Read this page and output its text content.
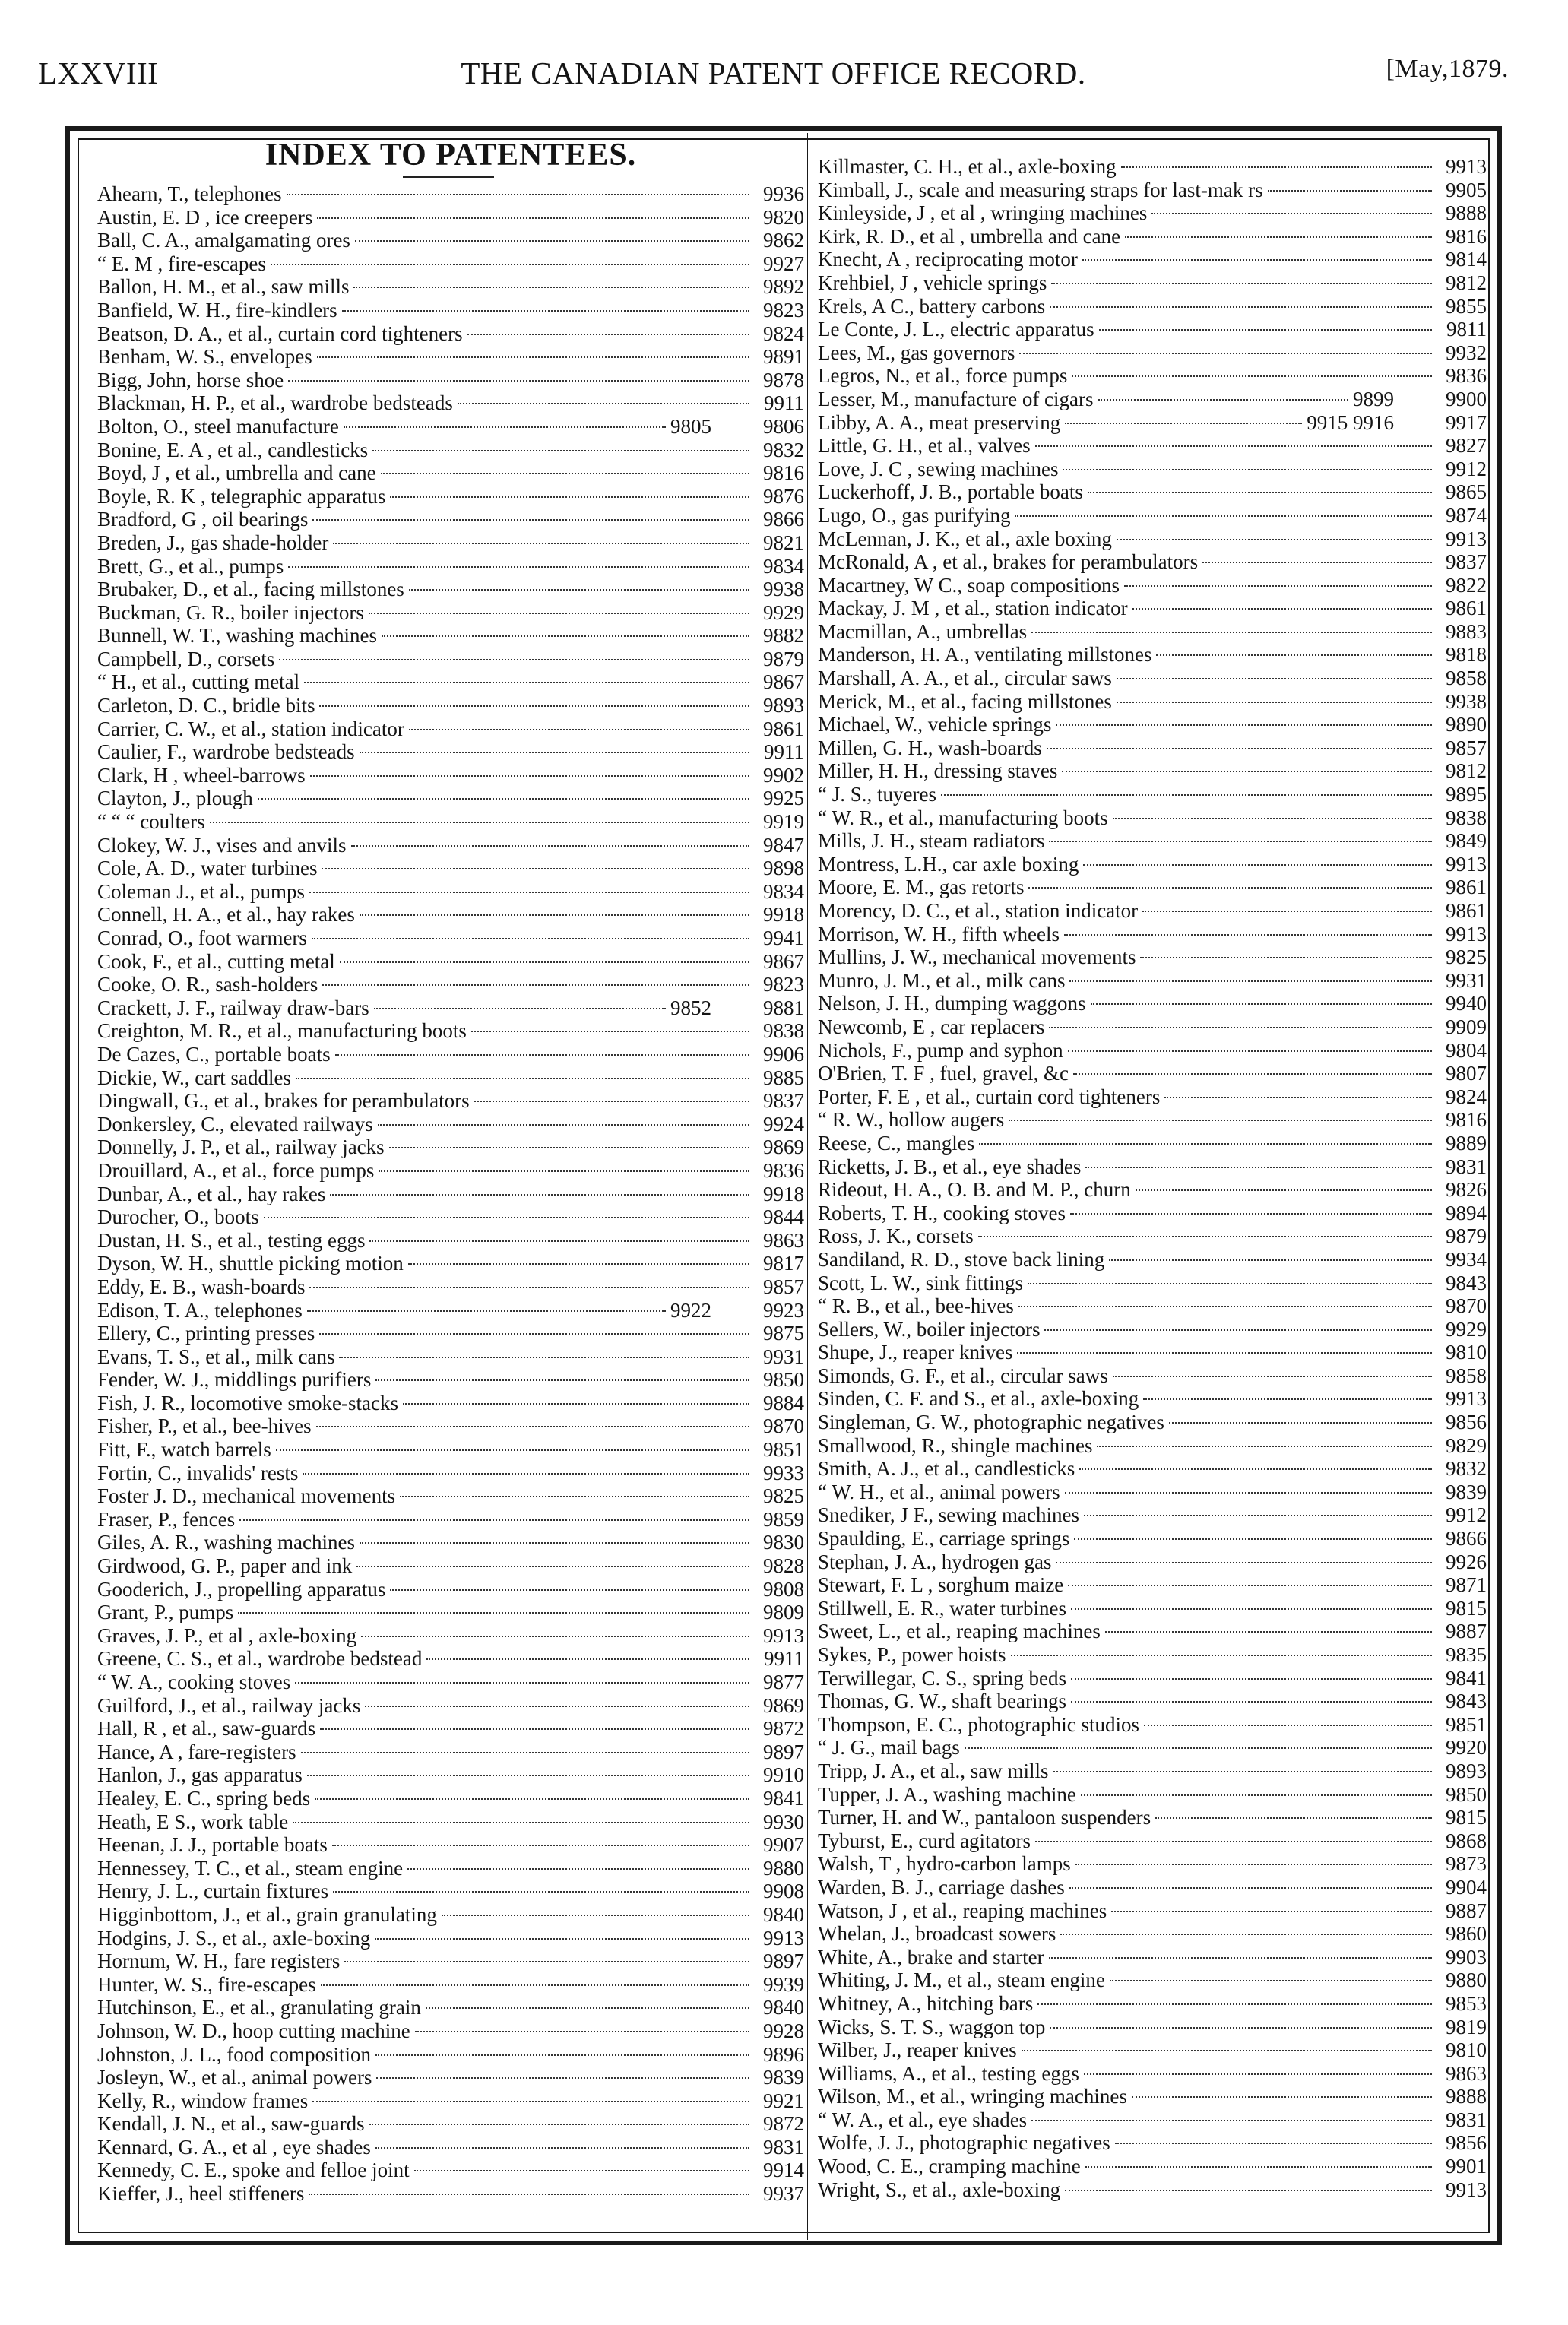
LXXVIII	THE CANADIAN PATENT OFFICE RECORD.	[May,1879.
INDEX TO PATENTEES.
Ahearn, T., telephones	9936
Austin, E. D , ice creepers	9820
Ball, C. A., amalgamating ores	9862
“ E. M , fire-escapes	9927
Ballon, H. M., et al., saw mills	9892
Banfield, W. H., fire-kindlers	9823
Beatson, D. A., et al., curtain cord tighteners	9824
Benham, W. S., envelopes	9891
Bigg, John, horse shoe	9878
Blackman, H. P., et al., wardrobe bedsteads	9911
Bolton, O., steel manufacture	9805	9806
Bonine, E. A , et al., candlesticks	9832
Boyd, J , et al., umbrella and cane	9816
Boyle, R. K , telegraphic apparatus	9876
Bradford, G , oil bearings	9866
Breden, J., gas shade-holder	9821
Brett, G., et al., pumps	9834
Brubaker, D., et al., facing millstones	9938
Buckman, G. R., boiler injectors	9929
Bunnell, W. T., washing machines	9882
Campbell, D., corsets	9879
“ H., et al., cutting metal	9867
Carleton, D. C., bridle bits	9893
Carrier, C. W., et al., station indicator	9861
Caulier, F., wardrobe bedsteads	9911
Clark, H , wheel-barrows	9902
Clayton, J., plough	9925
“ “ “ coulters	9919
Clokey, W. J., vises and anvils	9847
Cole, A. D., water turbines	9898
Coleman J., et al., pumps	9834
Connell, H. A., et al., hay rakes	9918
Conrad, O., foot warmers	9941
Cook, F., et al., cutting metal	9867
Cooke, O. R., sash-holders	9823
Crackett, J. F., railway draw-bars	9852	9881
Creighton, M. R., et al., manufacturing boots	9838
De Cazes, C., portable boats	9906
Dickie, W., cart saddles	9885
Dingwall, G., et al., brakes for perambulators	9837
Donkersley, C., elevated railways	9924
Donnelly, J. P., et al., railway jacks	9869
Drouillard, A., et al., force pumps	9836
Dunbar, A., et al., hay rakes	9918
Durocher, O., boots	9844
Dustan, H. S., et al., testing eggs	9863
Dyson, W. H., shuttle picking motion	9817
Eddy, E. B., wash-boards	9857
Edison, T. A., telephones	9922	9923
Ellery, C., printing presses	9875
Evans, T. S., et al., milk cans	9931
Fender, W. J., middlings purifiers	9850
Fish, J. R., locomotive smoke-stacks	9884
Fisher, P., et al., bee-hives	9870
Fitt, F., watch barrels	9851
Fortin, C., invalids' rests	9933
Foster J. D., mechanical movements	9825
Fraser, P., fences	9859
Giles, A. R., washing machines	9830
Girdwood, G. P., paper and ink	9828
Gooderich, J., propelling apparatus	9808
Grant, P., pumps	9809
Graves, J. P., et al , axle-boxing	9913
Greene, C. S., et al., wardrobe bedstead	9911
“ W. A., cooking stoves	9877
Guilford, J., et al., railway jacks	9869
Hall, R , et al., saw-guards	9872
Hance, A , fare-registers	9897
Hanlon, J., gas apparatus	9910
Healey, E. C., spring beds	9841
Heath, E S., work table	9930
Heenan, J. J., portable boats	9907
Hennessey, T. C., et al., steam engine	9880
Henry, J. L., curtain fixtures	9908
Higginbottom, J., et al., grain granulating	9840
Hodgins, J. S., et al., axle-boxing	9913
Hornum, W. H., fare registers	9897
Hunter, W. S., fire-escapes	9939
Hutchinson, E., et al., granulating grain	9840
Johnson, W. D., hoop cutting machine	9928
Johnston, J. L., food composition	9896
Josleyn, W., et al., animal powers	9839
Kelly, R., window frames	9921
Kendall, J. N., et al., saw-guards	9872
Kennard, G. A., et al , eye shades	9831
Kennedy, C. E., spoke and felloe joint	9914
Kieffer, J., heel stiffeners	9937
Killmaster, C. H., et al., axle-boxing	9913
Kimball, J., scale and measuring straps for last-mak rs	9905
Kinleyside, J , et al , wringing machines	9888
Kirk, R. D., et al , umbrella and cane	9816
Knecht, A , reciprocating motor	9814
Krehbiel, J , vehicle springs	9812
Krels, A C., battery carbons	9855
Le Conte, J. L., electric apparatus	9811
Lees, M., gas governors	9932
Legros, N., et al., force pumps	9836
Lesser, M., manufacture of cigars	9899	9900
Libby, A. A., meat preserving	9915 9916	9917
Little, G. H., et al., valves	9827
Love, J. C , sewing machines	9912
Luckerhoff, J. B., portable boats	9865
Lugo, O., gas purifying	9874
McLennan, J. K., et al., axle boxing	9913
McRonald, A , et al., brakes for perambulators	9837
Macartney, W C., soap compositions	9822
Mackay, J. M , et al., station indicator	9861
Macmillan, A., umbrellas	9883
Manderson, H. A., ventilating millstones	9818
Marshall, A. A., et al., circular saws	9858
Merick, M., et al., facing millstones	9938
Michael, W., vehicle springs	9890
Millen, G. H., wash-boards	9857
Miller, H. H., dressing staves	9812
“ J. S., tuyeres	9895
“ W. R., et al., manufacturing boots	9838
Mills, J. H., steam radiators	9849
Montress, L.H., car axle boxing	9913
Moore, E. M., gas retorts	9861
Morency, D. C., et al., station indicator	9861
Morrison, W. H., fifth wheels	9913
Mullins, J. W., mechanical movements	9825
Munro, J. M., et al., milk cans	9931
Nelson, J. H., dumping waggons	9940
Newcomb, E , car replacers	9909
Nichols, F., pump and syphon	9804
O'Brien, T. F , fuel, gravel, &c	9807
Porter, F. E , et al., curtain cord tighteners	9824
“ R. W., hollow augers	9816
Reese, C., mangles	9889
Ricketts, J. B., et al., eye shades	9831
Rideout, H. A., O. B. and M. P., churn	9826
Roberts, T. H., cooking stoves	9894
Ross, J. K., corsets	9879
Sandiland, R. D., stove back lining	9934
Scott, L. W., sink fittings	9843
“ R. B., et al., bee-hives	9870
Sellers, W., boiler injectors	9929
Shupe, J., reaper knives	9810
Simonds, G. F., et al., circular saws	9858
Sinden, C. F. and S., et al., axle-boxing	9913
Singleman, G. W., photographic negatives	9856
Smallwood, R., shingle machines	9829
Smith, A. J., et al., candlesticks	9832
“ W. H., et al., animal powers	9839
Snediker, J F., sewing machines	9912
Spaulding, E., carriage springs	9866
Stephan, J. A., hydrogen gas	9926
Stewart, F. L , sorghum maize	9871
Stillwell, E. R., water turbines	9815
Sweet, L., et al., reaping machines	9887
Sykes, P., power hoists	9835
Terwillegar, C. S., spring beds	9841
Thomas, G. W., shaft bearings	9843
Thompson, E. C., photographic studios	9851
“ J. G., mail bags	9920
Tripp, J. A., et al., saw mills	9893
Tupper, J. A., washing machine	9850
Turner, H. and W., pantaloon suspenders	9815
Tyburst, E., curd agitators	9868
Walsh, T , hydro-carbon lamps	9873
Warden, B. J., carriage dashes	9904
Watson, J , et al., reaping machines	9887
Whelan, J., broadcast sowers	9860
White, A., brake and starter	9903
Whiting, J. M., et al., steam engine	9880
Whitney, A., hitching bars	9853
Wicks, S. T. S., waggon top	9819
Wilber, J., reaper knives	9810
Williams, A., et al., testing eggs	9863
Wilson, M., et al., wringing machines	9888
“ W. A., et al., eye shades	9831
Wolfe, J. J., photographic negatives	9856
Wood, C. E., cramping machine	9901
Wright, S., et al., axle-boxing	9913
